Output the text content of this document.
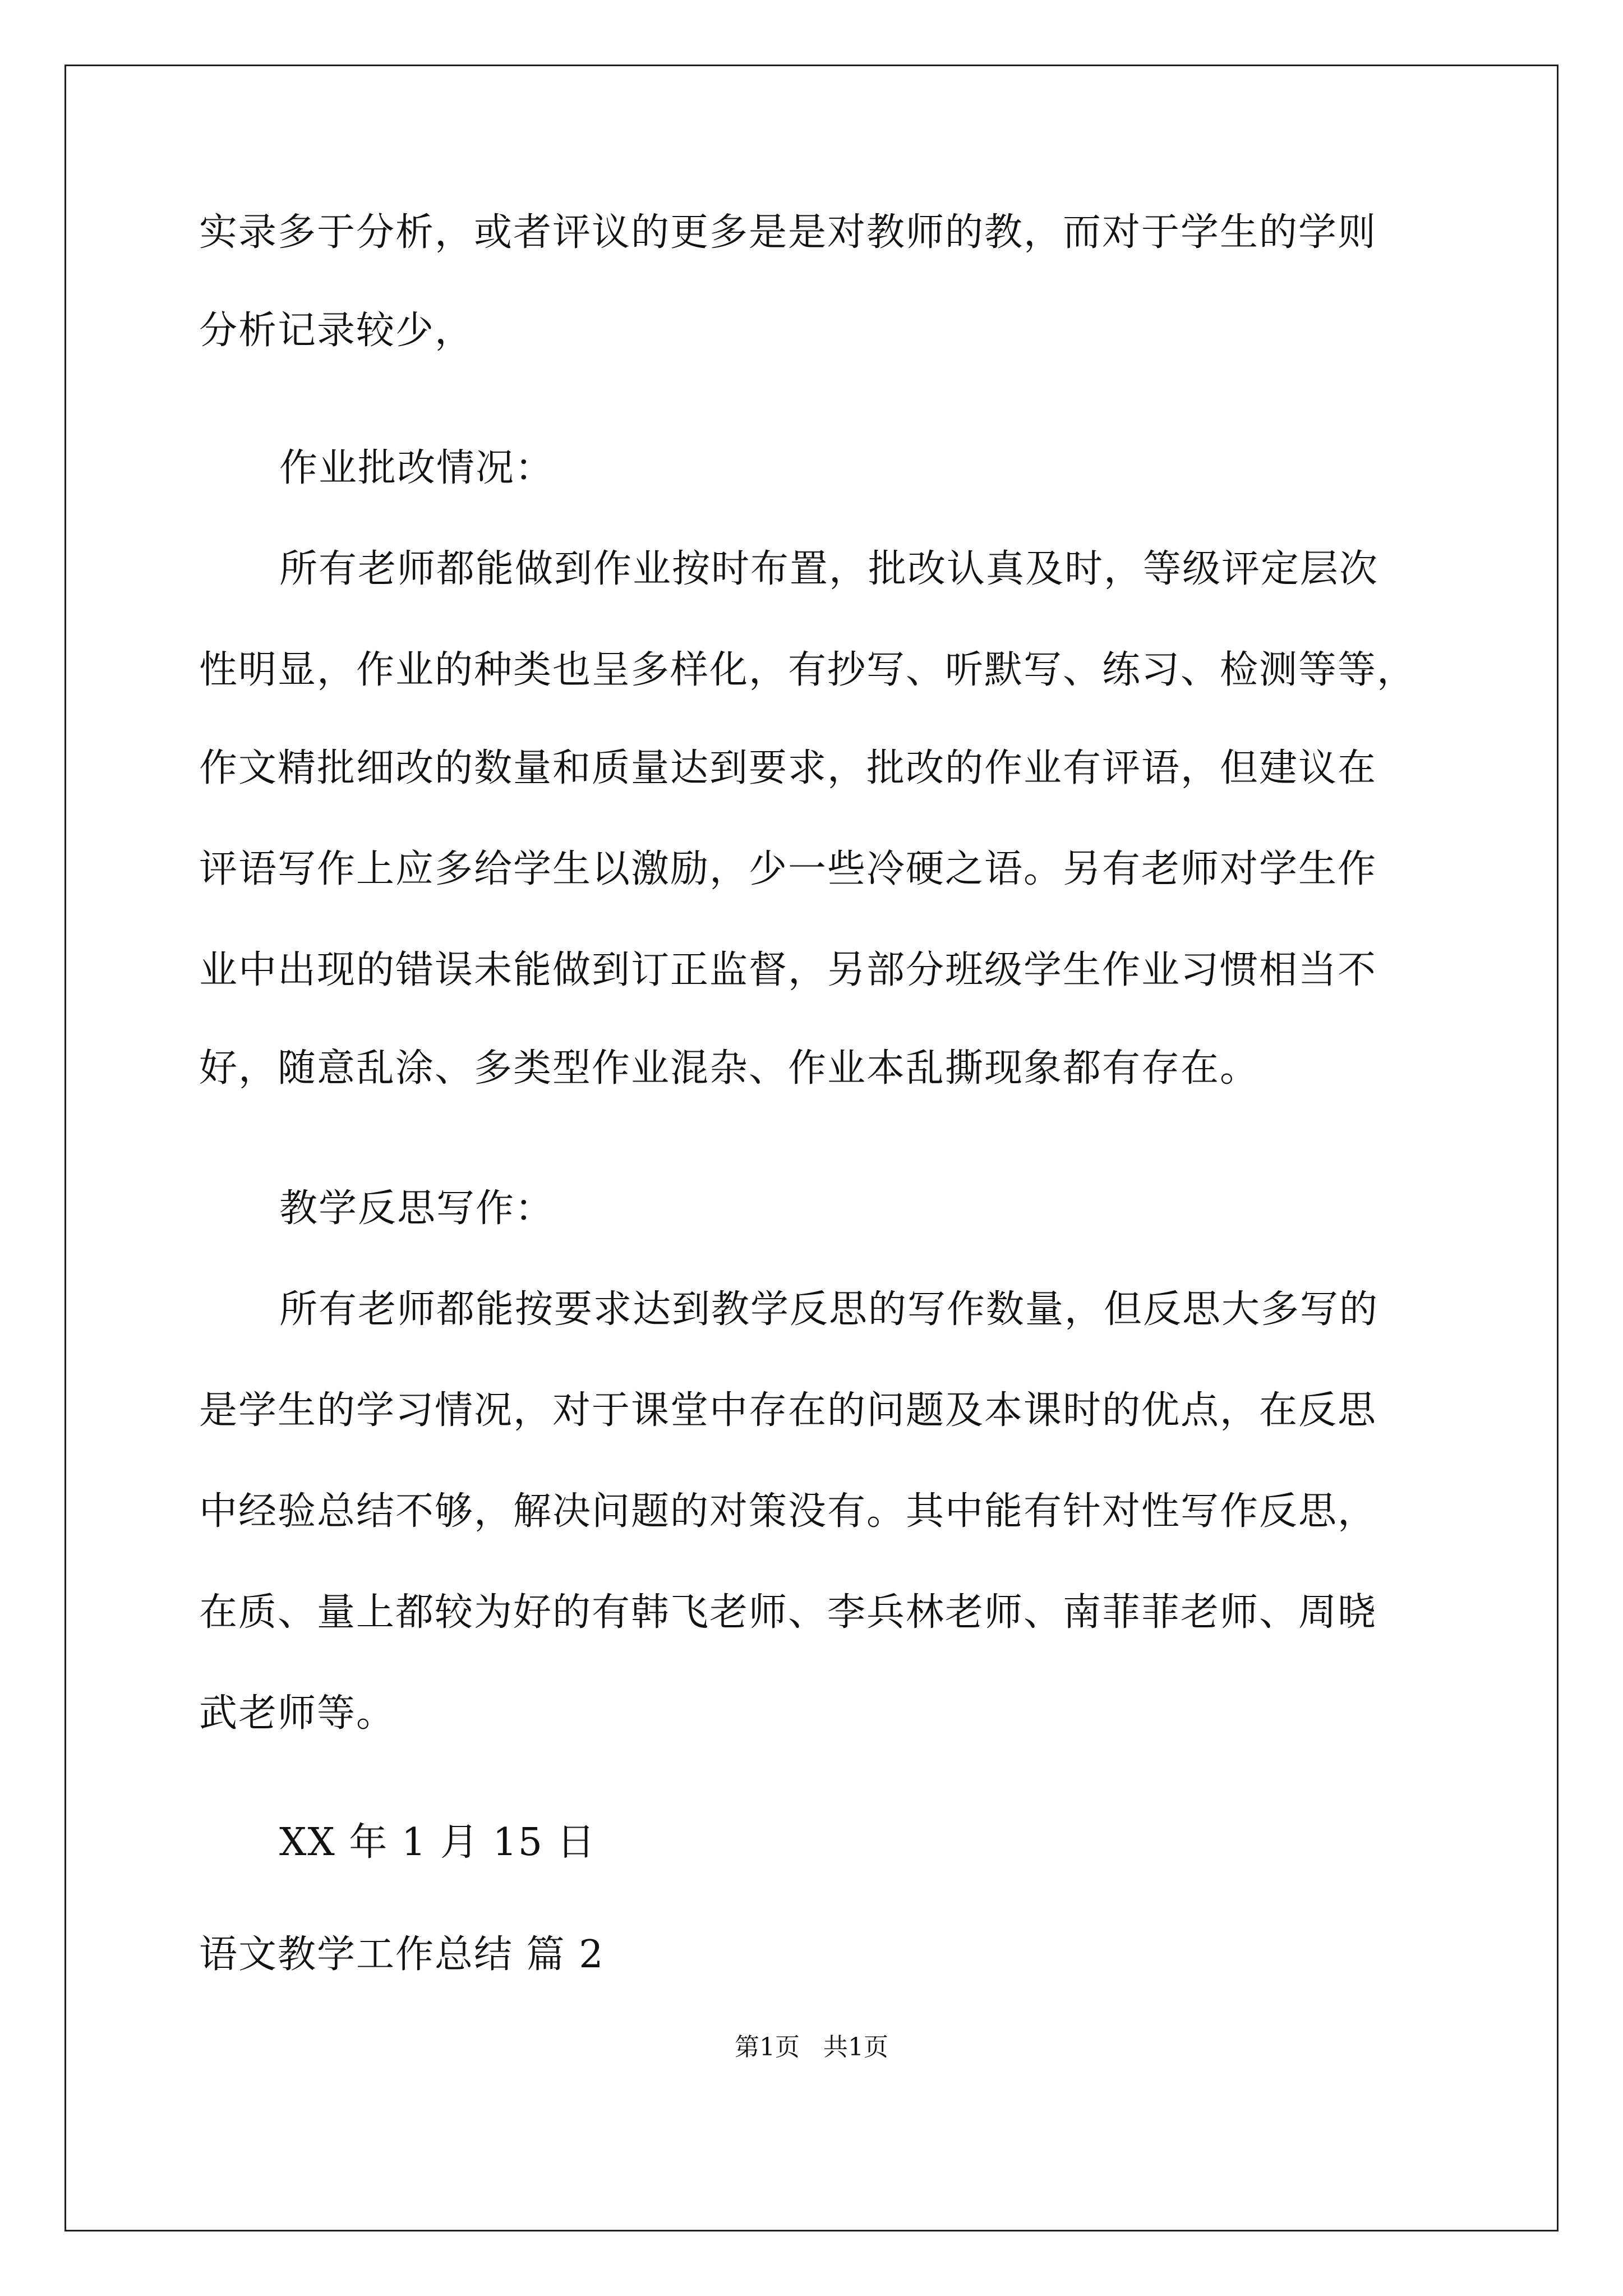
实录多于分析，或者评议的更多是是对教师的教，而对于学生的学则
分析记录较少，
作业批改情况：
所有老师都能做到作业按时布置，批改认真及时，等级评定层次
性明显，作业的种类也呈多样化，有抄写、听默写、练习、检测等等，
作文精批细改的数量和质量达到要求，批改的作业有评语，但建议在
评语写作上应多给学生以激励，少一些冷硬之语。另有老师对学生作
业中出现的错误未能做到订正监督，另部分班级学生作业习惯相当不
好，随意乱涂、多类型作业混杂、作业本乱撕现象都有存在。
教学反思写作：
所有老师都能按要求达到教学反思的写作数量，但反思大多写的
是学生的学习情况，对于课堂中存在的问题及本课时的优点，在反思
中经验总结不够，解决问题的对策没有。其中能有针对性写作反思，
在质、量上都较为好的有韩飞老师、李兵林老师、南菲菲老师、周晓
武老师等。
XX 年 1 月 15 日
语文教学工作总结 篇 2
第1页   共1页
